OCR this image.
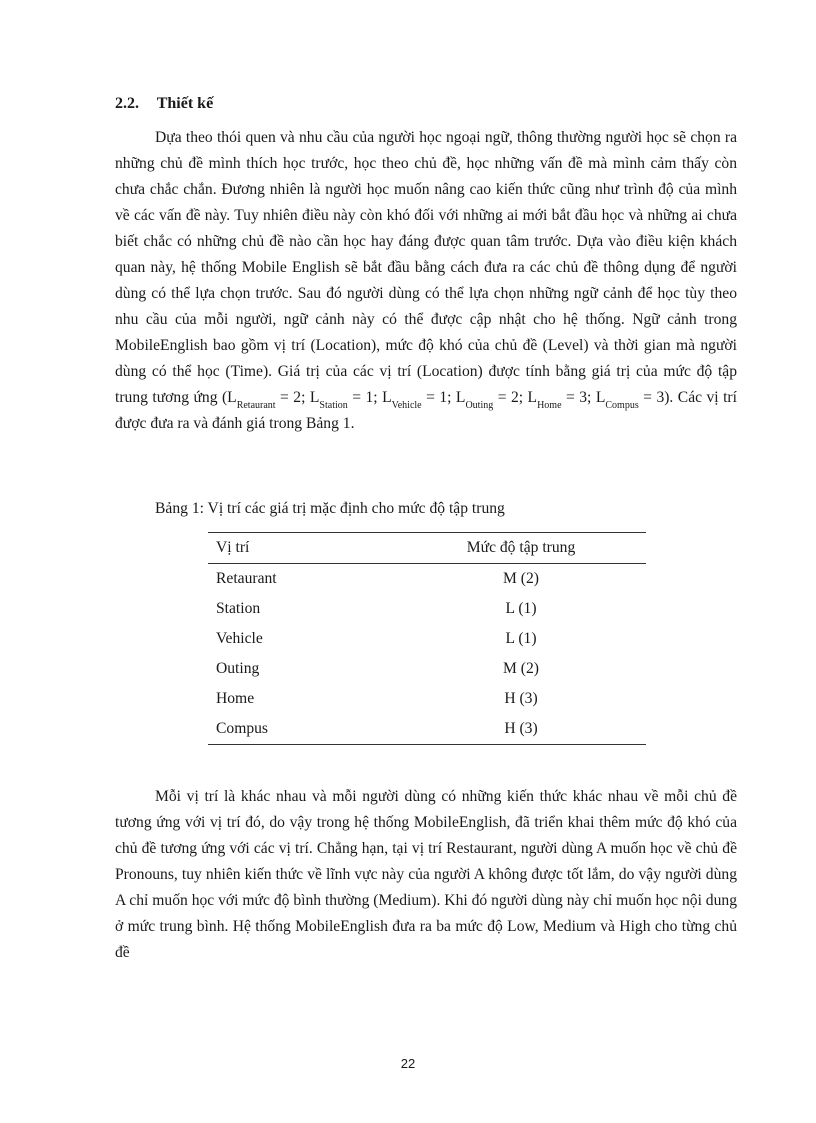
2.2. Thiết kế

Dựa theo thói quen và nhu cầu của người học ngoại ngữ, thông thường người học sẽ chọn ra những chủ đề mình thích học trước, học theo chủ đề, học những vấn đề mà mình cảm thấy còn chưa chắc chắn. Đương nhiên là người học muốn nâng cao kiến thức cũng như trình độ của mình về các vấn đề này. Tuy nhiên điều này còn khó đối với những ai mới bắt đầu học và những ai chưa biết chắc có những chủ đề nào cần học hay đáng được quan tâm trước. Dựa vào điều kiện khách quan này, hệ thống Mobile English sẽ bắt đầu bằng cách đưa ra các chủ đề thông dụng để người dùng có thể lựa chọn trước. Sau đó người dùng có thể lựa chọn những ngữ cảnh để học tùy theo nhu cầu của mỗi người, ngữ cảnh này có thể được cập nhật cho hệ thống. Ngữ cảnh trong MobileEnglish bao gồm vị trí (Location), mức độ khó của chủ đề (Level) và thời gian mà người dùng có thể học (Time). Giá trị của các vị trí (Location) được tính bằng giá trị của mức độ tập trung tương ứng ($L_{Retaurant} = 2$; $L_{Station} = 1$; $L_{Vehicle} = 1$; $L_{Outing} = 2$; $L_{Home} = 3$; $L_{Compus} = 3$). Các vị trí được đưa ra và đánh giá trong Bảng 1.

Bảng 1: Vị trí các giá trị mặc định cho mức độ tập trung
Vị trí	Mức độ tập trung
Retaurant	M (2)
Station	L (1)
Vehicle	L (1)
Outing	M (2)
Home	H (3)
Compus	H (3)

Mỗi vị trí là khác nhau và mỗi người dùng có những kiến thức khác nhau về mỗi chủ đề tương ứng với vị trí đó, do vậy trong hệ thống MobileEnglish, đã triển khai thêm mức độ khó của chủ đề tương ứng với các vị trí. Chẳng hạn, tại vị trí Restaurant, người dùng A muốn học về chủ đề Pronouns, tuy nhiên kiến thức về lĩnh vực này của người A không được tốt lắm, do vậy người dùng A chỉ muốn học với mức độ bình thường (Medium). Khi đó người dùng này chỉ muốn học nội dung ở mức trung bình. Hệ thống MobileEnglish đưa ra ba mức độ Low, Medium và High cho từng chủ đề

22
